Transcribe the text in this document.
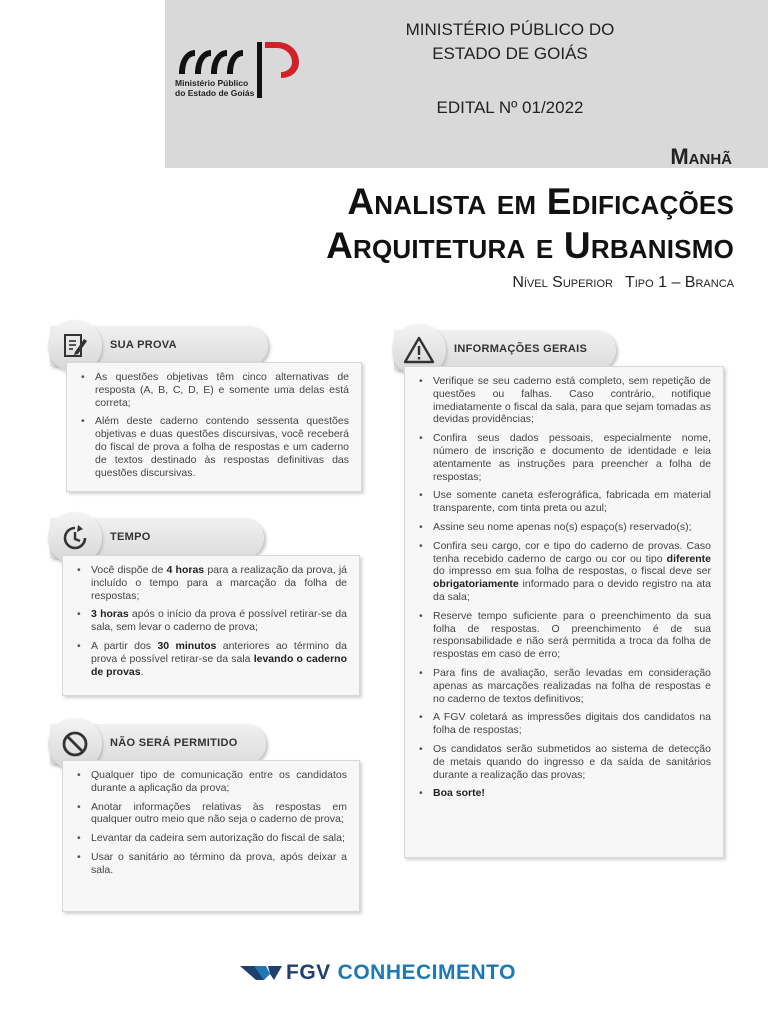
Ministério Público
do Estado de Goiás
MINISTÉRIO PÚBLICO DO
ESTADO DE GOIÁS
EDITAL Nº 01/2022
Manhã
Analista em Edificações
Arquitetura e Urbanismo
Nível Superior Tipo 1 – Branca
SUA PROVA
• As questões objetivas têm cinco alternativas de resposta (A, B, C, D, E) e somente uma delas está correta;
• Além deste caderno contendo sessenta questões objetivas e duas questões discursivas, você receberá do fiscal de prova a folha de respostas e um caderno de textos destinado às respostas definitivas das questões discursivas.
TEMPO
• Você dispõe de 4 horas para a realização da prova, já incluído o tempo para a marcação da folha de respostas;
• 3 horas após o início da prova é possível retirar-se da sala, sem levar o caderno de prova;
• A partir dos 30 minutos anteriores ao término da prova é possível retirar-se da sala levando o caderno de provas.
NÃO SERÁ PERMITIDO
• Qualquer tipo de comunicação entre os candidatos durante a aplicação da prova;
• Anotar informações relativas às respostas em qualquer outro meio que não seja o caderno de prova;
• Levantar da cadeira sem autorização do fiscal de sala;
• Usar o sanitário ao término da prova, após deixar a sala.
INFORMAÇÕES GERAIS
• Verifique se seu caderno está completo, sem repetição de questões ou falhas. Caso contrário, notifique imediatamente o fiscal da sala, para que sejam tomadas as devidas providências;
• Confira seus dados pessoais, especialmente nome, número de inscrição e documento de identidade e leia atentamente as instruções para preencher a folha de respostas;
• Use somente caneta esferográfica, fabricada em material transparente, com tinta preta ou azul;
• Assine seu nome apenas no(s) espaço(s) reservado(s);
• Confira seu cargo, cor e tipo do caderno de provas. Caso tenha recebido caderno de cargo ou cor ou tipo diferente do impresso em sua folha de respostas, o fiscal deve ser obrigatoriamente informado para o devido registro na ata da sala;
• Reserve tempo suficiente para o preenchimento da sua folha de respostas. O preenchimento é de sua responsabilidade e não será permitida a troca da folha de respostas em caso de erro;
• Para fins de avaliação, serão levadas em consideração apenas as marcações realizadas na folha de respostas e no caderno de textos definitivos;
• A FGV coletará as impressões digitais dos candidatos na folha de respostas;
• Os candidatos serão submetidos ao sistema de detecção de metais quando do ingresso e da saída de sanitários durante a realização das provas;
• Boa sorte!
FGV CONHECIMENTO
